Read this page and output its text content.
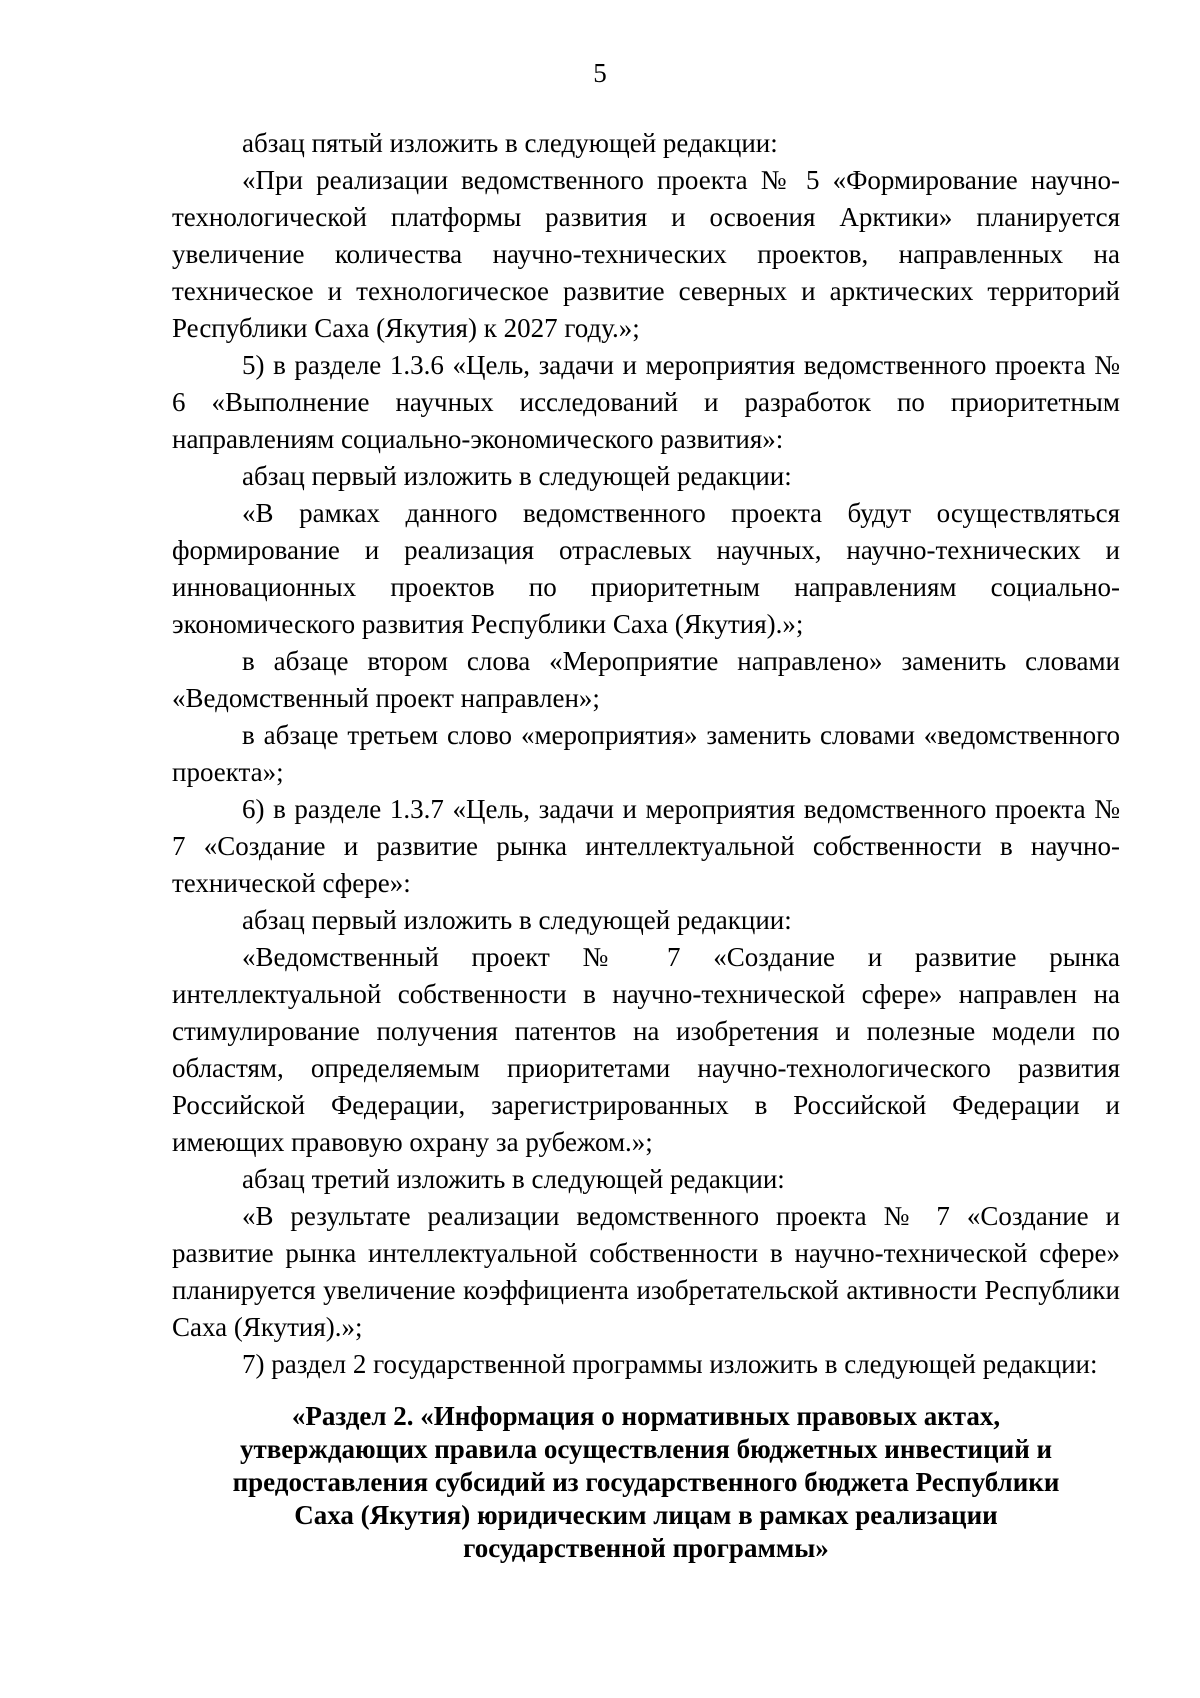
5

абзац пятый изложить в следующей редакции:

«При реализации ведомственного проекта № 5 «Формирование научно-технологической платформы развития и освоения Арктики» планируется увеличение количества научно-технических проектов, направленных на техническое и технологическое развитие северных и арктических территорий Республики Саха (Якутия) к 2027 году.»;

5) в разделе 1.3.6 «Цель, задачи и мероприятия ведомственного проекта № 6 «Выполнение научных исследований и разработок по приоритетным направлениям социально-экономического развития»:

абзац первый изложить в следующей редакции:

«В рамках данного ведомственного проекта будут осуществляться формирование и реализация отраслевых научных, научно-технических и инновационных проектов по приоритетным направлениям социально-экономического развития Республики Саха (Якутия).»;

в абзаце втором слова «Мероприятие направлено» заменить словами «Ведомственный проект направлен»;

в абзаце третьем слово «мероприятия» заменить словами «ведомственного проекта»;

6) в разделе 1.3.7 «Цель, задачи и мероприятия ведомственного проекта № 7 «Создание и развитие рынка интеллектуальной собственности в научно-технической сфере»:

абзац первый изложить в следующей редакции:

«Ведомственный проект № 7 «Создание и развитие рынка интеллектуальной собственности в научно-технической сфере» направлен на стимулирование получения патентов на изобретения и полезные модели по областям, определяемым приоритетами научно-технологического развития Российской Федерации, зарегистрированных в Российской Федерации и имеющих правовую охрану за рубежом.»;

абзац третий изложить в следующей редакции:

«В результате реализации ведомственного проекта № 7 «Создание и развитие рынка интеллектуальной собственности в научно-технической сфере» планируется увеличение коэффициента изобретательской активности Республики Саха (Якутия).»;

7) раздел 2 государственной программы изложить в следующей редакции:

«Раздел 2. «Информация о нормативных правовых актах,
утверждающих правила осуществления бюджетных инвестиций и
предоставления субсидий из государственного бюджета Республики
Саха (Якутия) юридическим лицам в рамках реализации
государственной программы»
